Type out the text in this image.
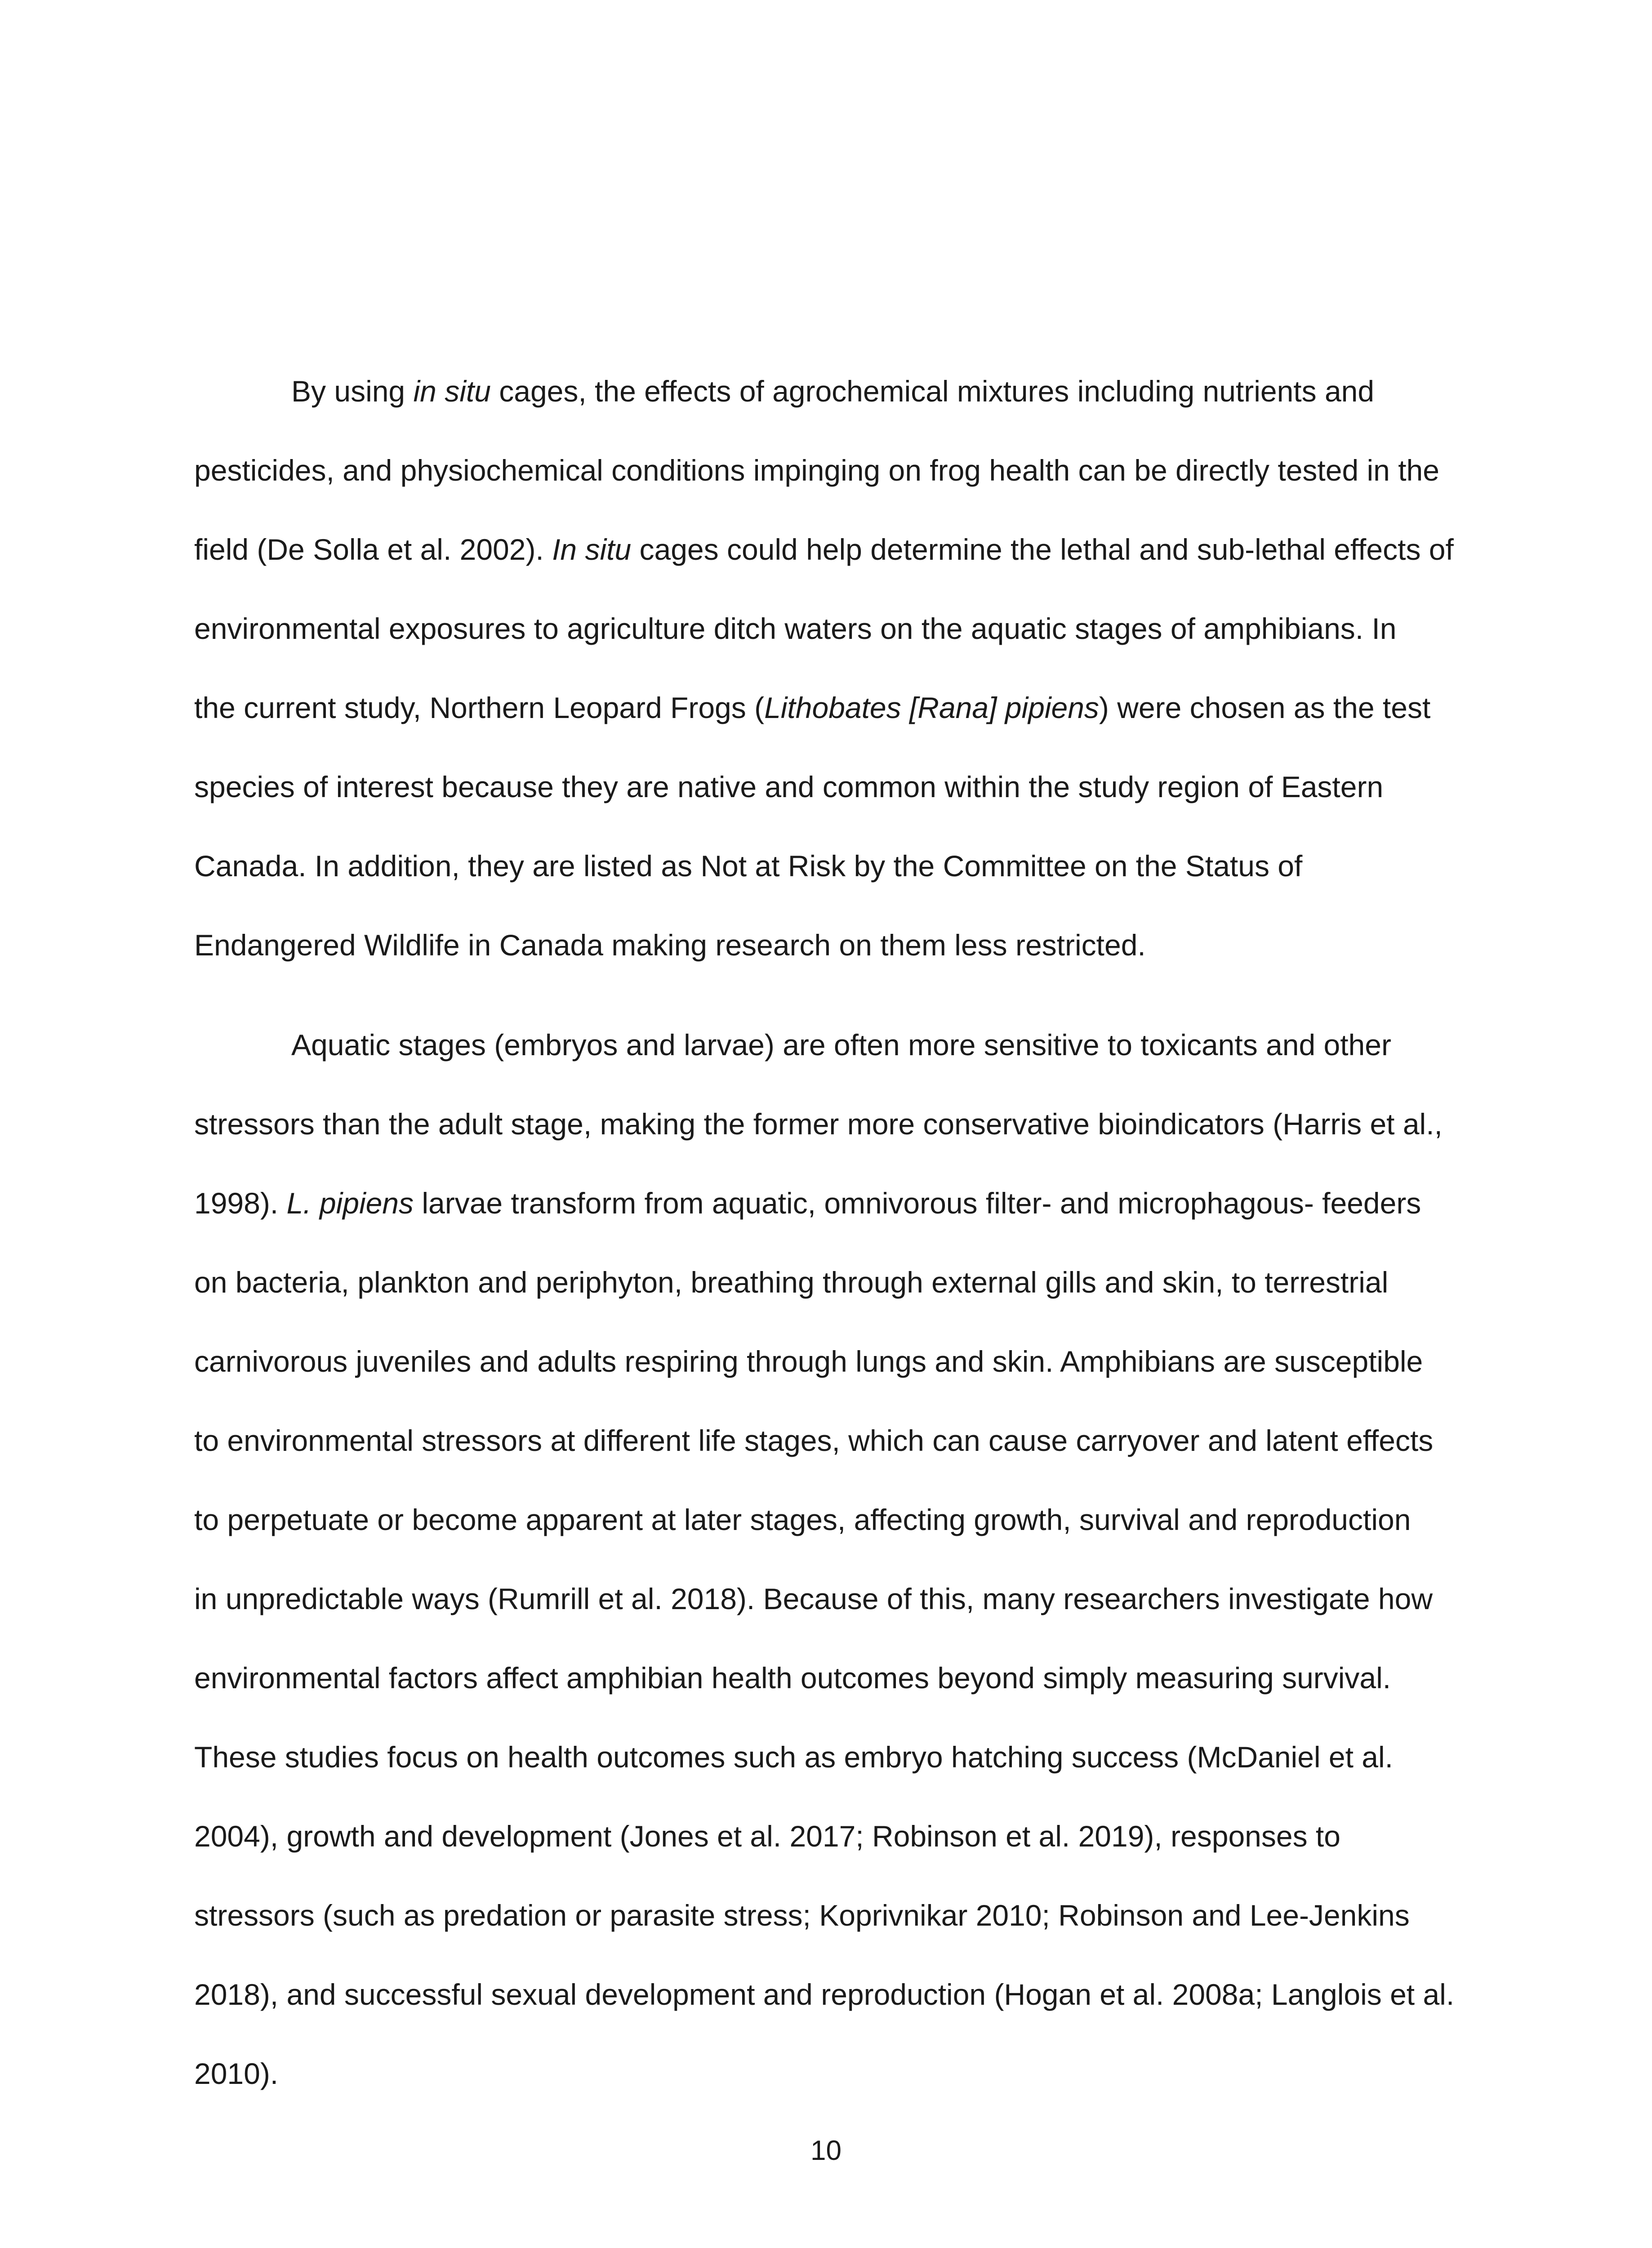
By using in situ cages, the effects of agrochemical mixtures including nutrients and
pesticides, and physiochemical conditions impinging on frog health can be directly tested in the
field (De Solla et al. 2002). In situ cages could help determine the lethal and sub-lethal effects of
environmental exposures to agriculture ditch waters on the aquatic stages of amphibians. In
the current study, Northern Leopard Frogs (Lithobates [Rana] pipiens) were chosen as the test
species of interest because they are native and common within the study region of Eastern
Canada. In addition, they are listed as Not at Risk by the Committee on the Status of
Endangered Wildlife in Canada making research on them less restricted.

Aquatic stages (embryos and larvae) are often more sensitive to toxicants and other
stressors than the adult stage, making the former more conservative bioindicators (Harris et al.,
1998). L. pipiens larvae transform from aquatic, omnivorous filter- and microphagous- feeders
on bacteria, plankton and periphyton, breathing through external gills and skin, to terrestrial
carnivorous juveniles and adults respiring through lungs and skin. Amphibians are susceptible
to environmental stressors at different life stages, which can cause carryover and latent effects
to perpetuate or become apparent at later stages, affecting growth, survival and reproduction
in unpredictable ways (Rumrill et al. 2018). Because of this, many researchers investigate how
environmental factors affect amphibian health outcomes beyond simply measuring survival.
These studies focus on health outcomes such as embryo hatching success (McDaniel et al.
2004), growth and development (Jones et al. 2017; Robinson et al. 2019), responses to
stressors (such as predation or parasite stress; Koprivnikar 2010; Robinson and Lee-Jenkins
2018), and successful sexual development and reproduction (Hogan et al. 2008a; Langlois et al.
2010).

10
